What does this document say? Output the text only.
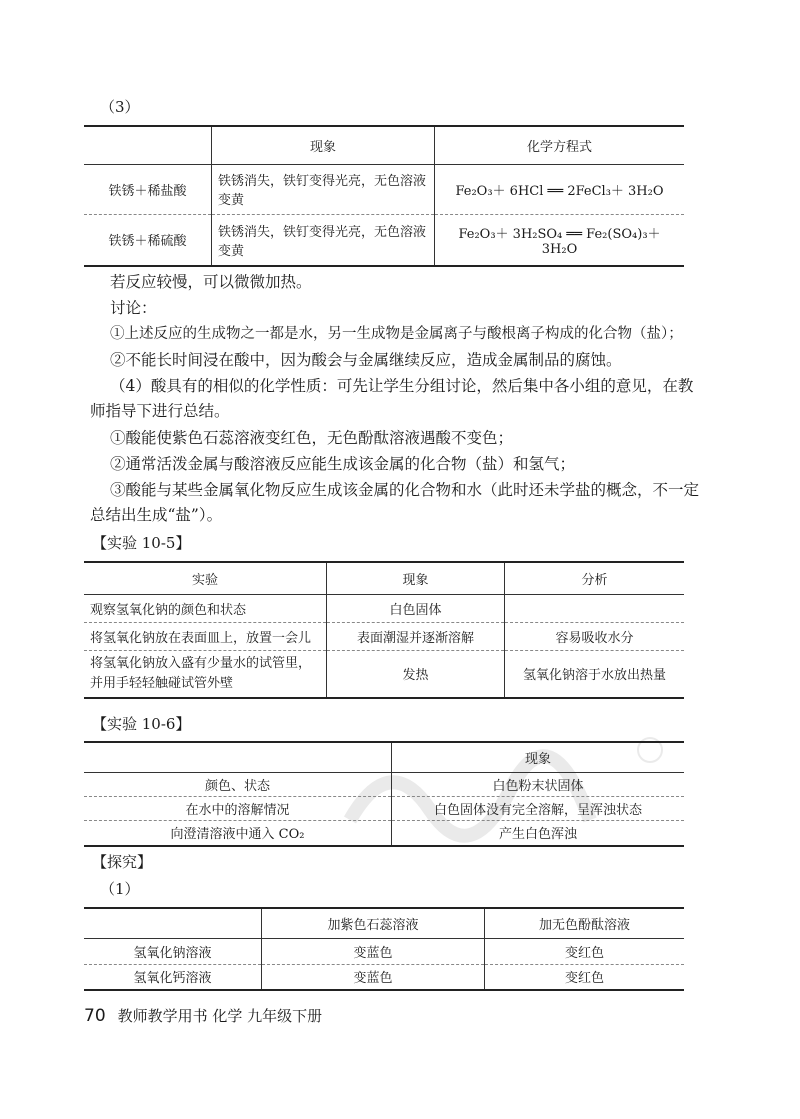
（3）
	现象	化学方程式
铁锈＋稀盐酸	铁锈消失，铁钉变得光亮，无色溶液变黄	Fe₂O₃＋ 6HCl ══ 2FeCl₃＋ 3H₂O
铁锈＋稀硫酸	铁锈消失，铁钉变得光亮，无色溶液变黄	Fe₂O₃＋ 3H₂SO₄ ══ Fe₂(SO₄)₃＋ 3H₂O
若反应较慢，可以微微加热。
讨论：
①上述反应的生成物之一都是水，另一生成物是金属离子与酸根离子构成的化合物（盐）；
②不能长时间浸在酸中，因为酸会与金属继续反应，造成金属制品的腐蚀。
（4）酸具有的相似的化学性质：可先让学生分组讨论，然后集中各小组的意见，在教师指导下进行总结。
①酸能使紫色石蕊溶液变红色，无色酚酞溶液遇酸不变色；
②通常活泼金属与酸溶液反应能生成该金属的化合物（盐）和氢气；
③酸能与某些金属氧化物反应生成该金属的化合物和水（此时还未学盐的概念，不一定总结出生成“盐”）。
【实验 10-5】
实验	现象	分析
观察氢氧化钠的颜色和状态	白色固体	
将氢氧化钠放在表面皿上，放置一会儿	表面潮湿并逐渐溶解	容易吸收水分
将氢氧化钠放入盛有少量水的试管里，并用手轻轻触碰试管外壁	发热	氢氧化钠溶于水放出热量
【实验 10-6】
	现象
颜色、状态	白色粉末状固体
在水中的溶解情况	白色固体没有完全溶解，呈浑浊状态
向澄清溶液中通入 CO₂	产生白色浑浊
【探究】
（1）
	加紫色石蕊溶液	加无色酚酞溶液
氢氧化钠溶液	变蓝色	变红色
氢氧化钙溶液	变蓝色	变红色
70 教师教学用书 化学 九年级下册
